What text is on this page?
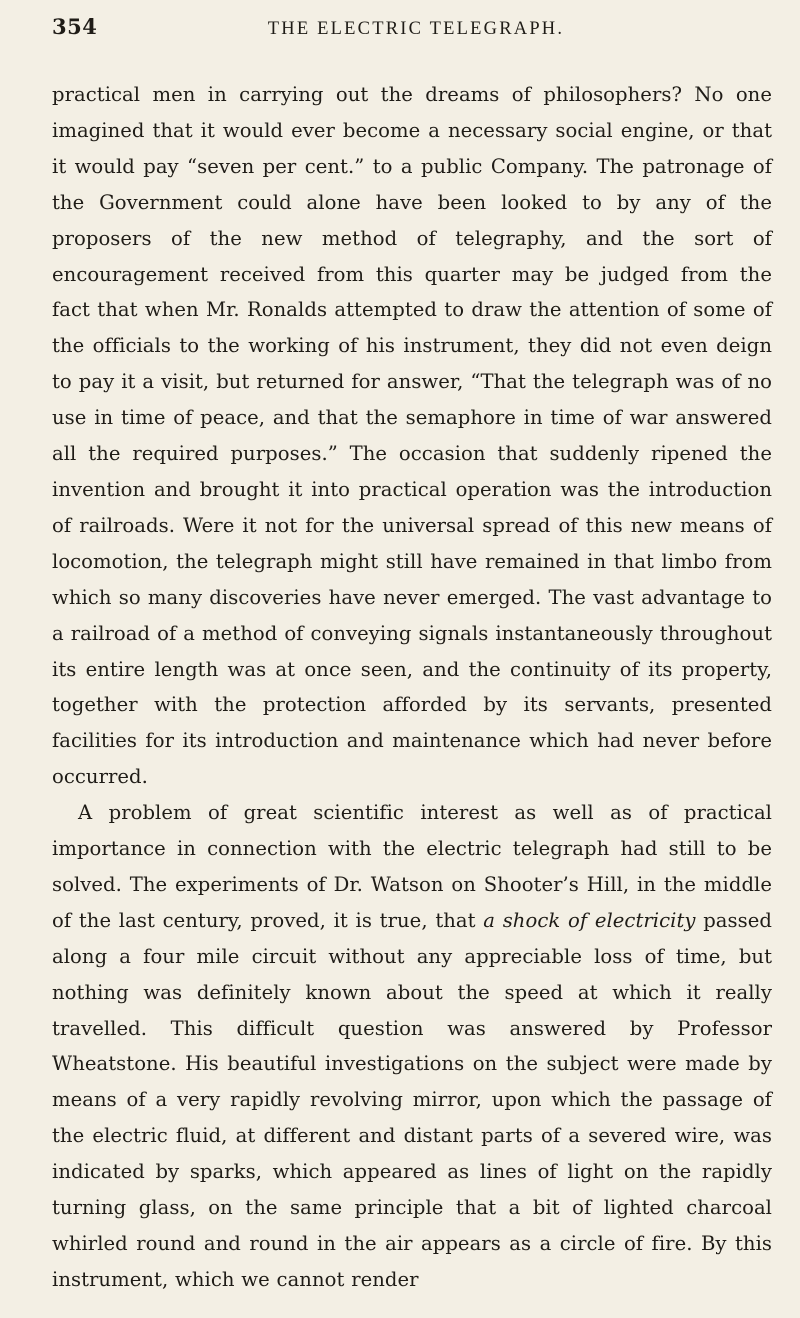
354	THE ELECTRIC TELEGRAPH.

practical men in carrying out the dreams of philosophers? No one imagined that it would ever become a necessary social engine, or that it would pay “seven per cent.” to a public Company. The patronage of the Government could alone have been looked to by any of the proposers of the new method of telegraphy, and the sort of encouragement received from this quarter may be judged from the fact that when Mr. Ronalds attempted to draw the attention of some of the officials to the working of his instrument, they did not even deign to pay it a visit, but returned for answer, “That the telegraph was of no use in time of peace, and that the semaphore in time of war answered all the required purposes.” The occasion that suddenly ripened the invention and brought it into practical operation was the introduction of railroads. Were it not for the universal spread of this new means of locomotion, the telegraph might still have remained in that limbo from which so many discoveries have never emerged. The vast advantage to a railroad of a method of conveying signals instantaneously throughout its entire length was at once seen, and the continuity of its property, together with the protection afforded by its servants, presented facilities for its introduction and maintenance which had never before occurred.

A problem of great scientific interest as well as of practical importance in connection with the electric telegraph had still to be solved. The experiments of Dr. Watson on Shooter’s Hill, in the middle of the last century, proved, it is true, that a shock of electricity passed along a four mile circuit without any appreciable loss of time, but nothing was definitely known about the speed at which it really travelled. This difficult question was answered by Professor Wheatstone. His beautiful investigations on the subject were made by means of a very rapidly revolving mirror, upon which the passage of the electric fluid, at different and distant parts of a severed wire, was indicated by sparks, which appeared as lines of light on the rapidly turning glass, on the same principle that a bit of lighted charcoal whirled round and round in the air appears as a circle of fire. By this instrument, which we cannot render
